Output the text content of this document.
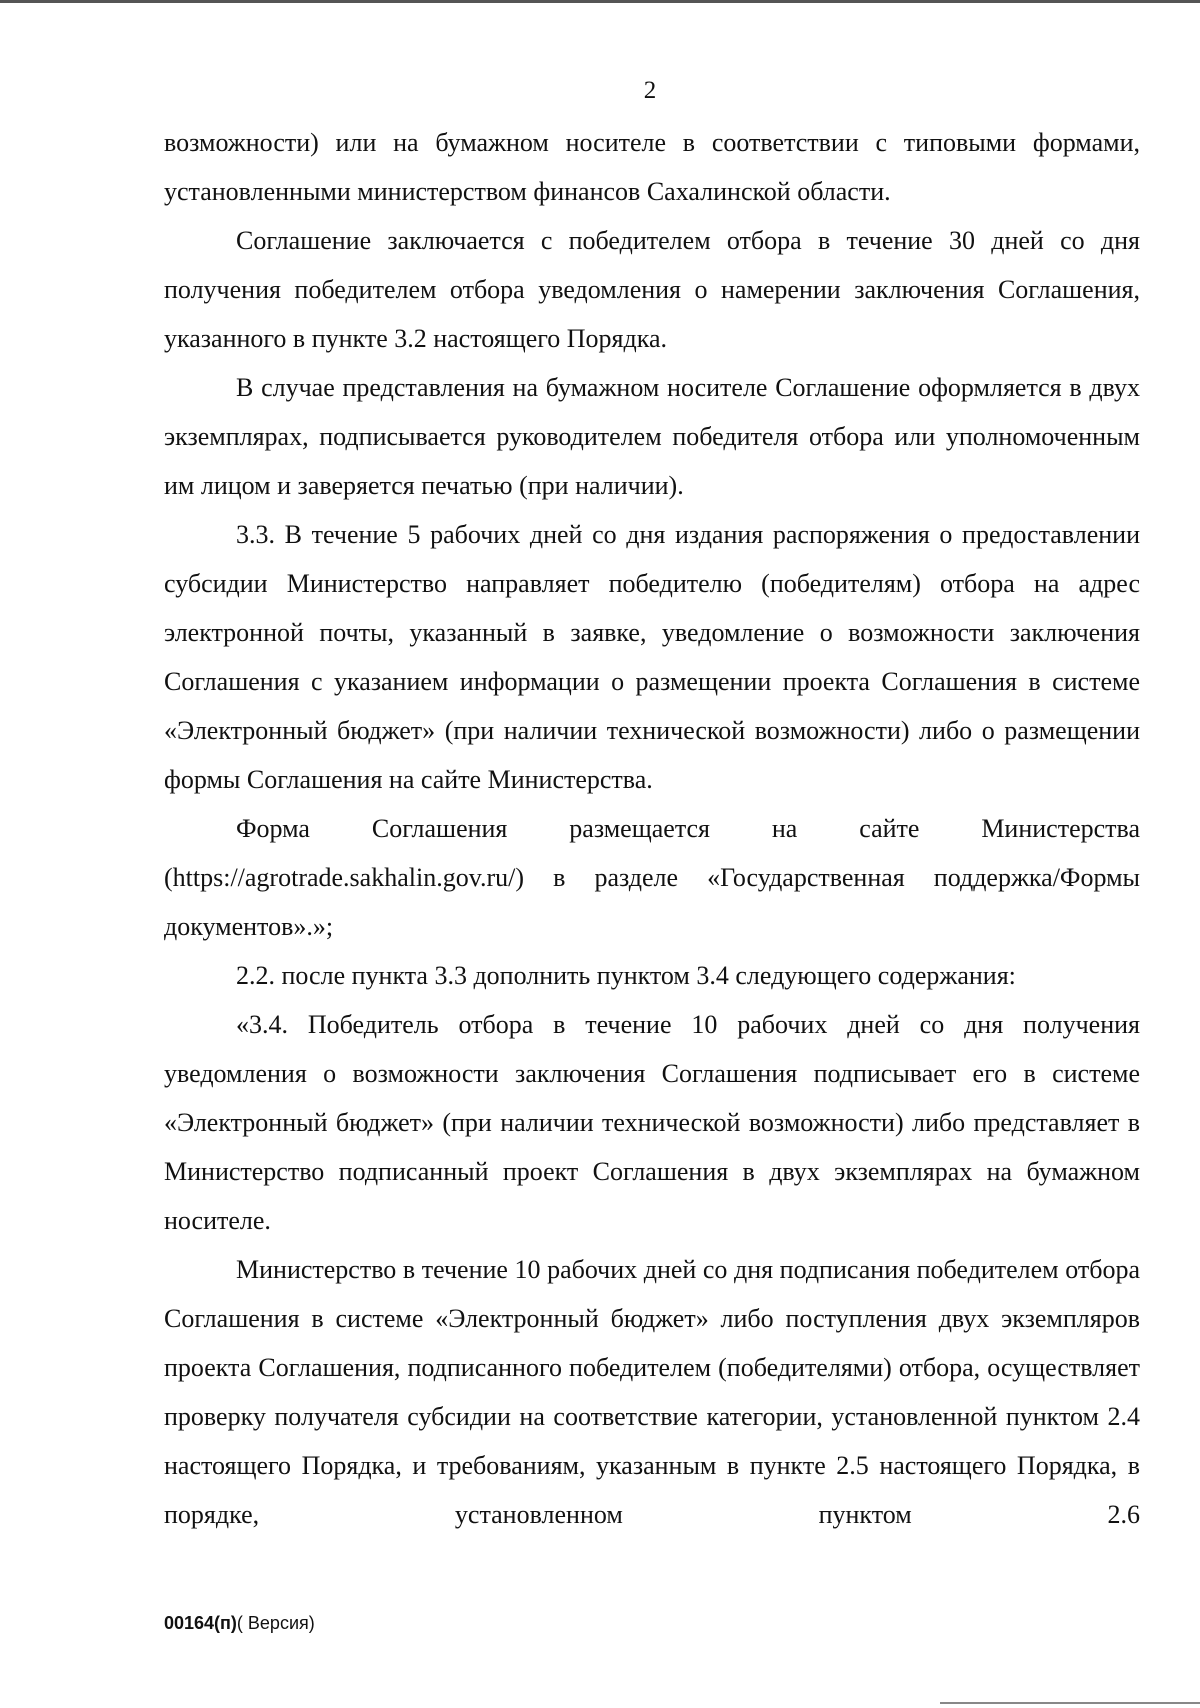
2

возможности) или на бумажном носителе в соответствии с типовыми формами, установленными министерством финансов Сахалинской области.

Соглашение заключается с победителем отбора в течение 30 дней со дня получения победителем отбора уведомления о намерении заключения Соглашения, указанного в пункте 3.2 настоящего Порядка.

В случае представления на бумажном носителе Соглашение оформляется в двух экземплярах, подписывается руководителем победителя отбора или уполномоченным им лицом и заверяется печатью (при наличии).

3.3. В течение 5 рабочих дней со дня издания распоряжения о предоставлении субсидии Министерство направляет победителю (победителям) отбора на адрес электронной почты, указанный в заявке, уведомление о возможности заключения Соглашения с указанием информации о размещении проекта Соглашения в системе «Электронный бюджет» (при наличии технической возможности) либо о размещении формы Соглашения на сайте Министерства.

Форма Соглашения размещается на сайте Министерства (https://agrotrade.sakhalin.gov.ru/) в разделе «Государственная поддержка/Формы документов».»;

2.2. после пункта 3.3 дополнить пунктом 3.4 следующего содержания:

«3.4. Победитель отбора в течение 10 рабочих дней со дня получения уведомления о возможности заключения Соглашения подписывает его в системе «Электронный бюджет» (при наличии технической возможности) либо представляет в Министерство подписанный проект Соглашения в двух экземплярах на бумажном носителе.

Министерство в течение 10 рабочих дней со дня подписания победителем отбора Соглашения в системе «Электронный бюджет» либо поступления двух экземпляров проекта Соглашения, подписанного победителем (победителями) отбора, осуществляет проверку получателя субсидии на соответствие категории, установленной пунктом 2.4 настоящего Порядка, и требованиям, указанным в пункте 2.5 настоящего Порядка, в порядке, установленном пунктом 2.6

00164(п)( Версия)
